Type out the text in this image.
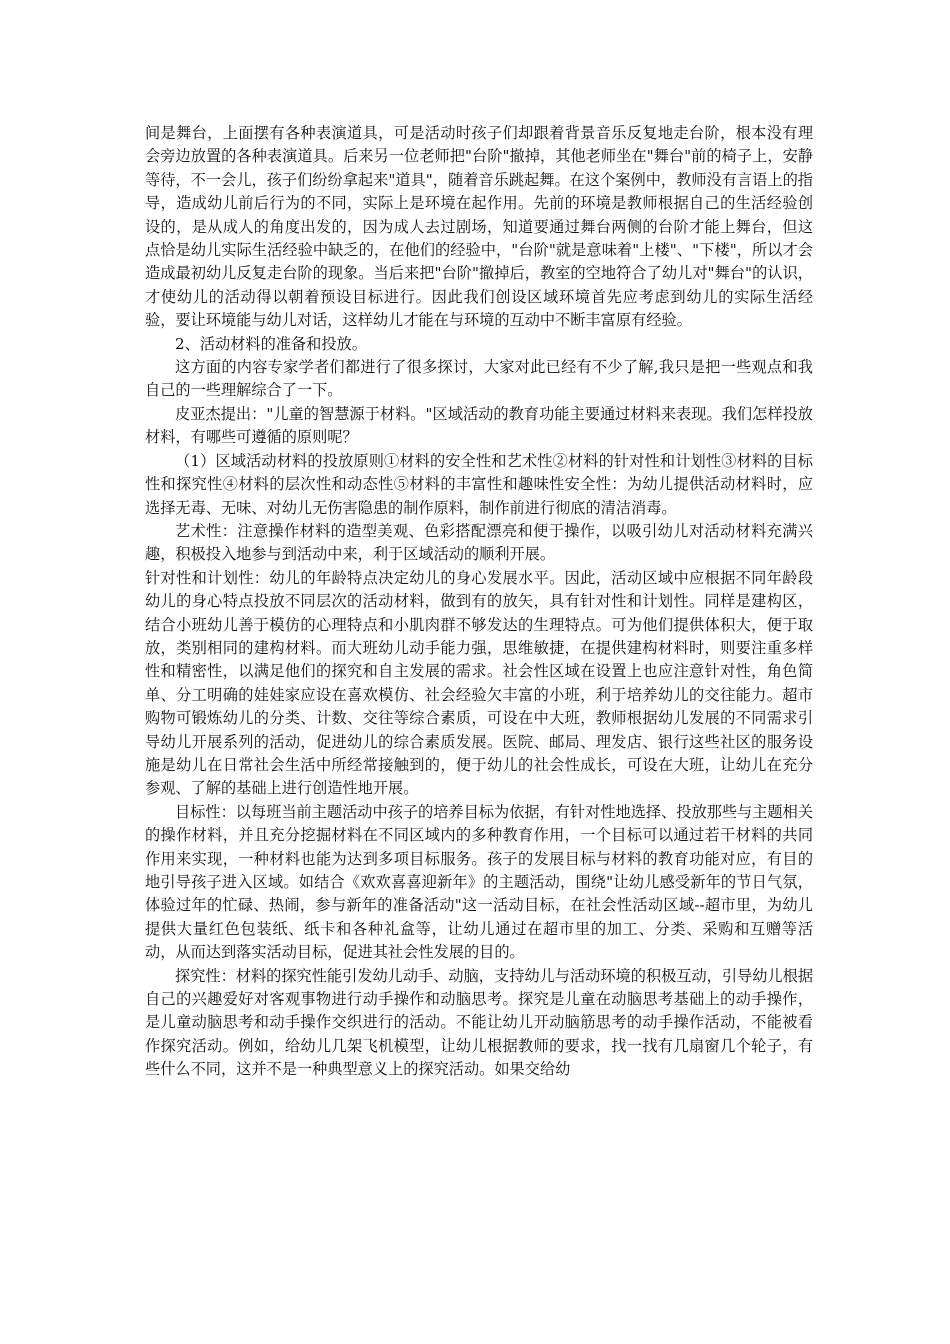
间是舞台，上面摆有各种表演道具，可是活动时孩子们却跟着背景音乐反复地走台阶，根本没有理会旁边放置的各种表演道具。后来另一位老师把"台阶"撤掉，其他老师坐在"舞台"前的椅子上，安静等待，不一会儿，孩子们纷纷拿起来"道具"，随着音乐跳起舞。在这个案例中，教师没有言语上的指导，造成幼儿前后行为的不同，实际上是环境在起作用。先前的环境是教师根据自己的生活经验创设的，是从成人的角度出发的，因为成人去过剧场，知道要通过舞台两侧的台阶才能上舞台，但这点恰是幼儿实际生活经验中缺乏的，在他们的经验中，"台阶"就是意味着"上楼"、"下楼"，所以才会造成最初幼儿反复走台阶的现象。当后来把"台阶"撤掉后，教室的空地符合了幼儿对"舞台"的认识，才使幼儿的活动得以朝着预设目标进行。因此我们创设区域环境首先应考虑到幼儿的实际生活经验，要让环境能与幼儿对话，这样幼儿才能在与环境的互动中不断丰富原有经验。

2、活动材料的准备和投放。

这方面的内容专家学者们都进行了很多探讨，大家对此已经有不少了解,我只是把一些观点和我自己的一些理解综合了一下。

皮亚杰提出："儿童的智慧源于材料。"区域活动的教育功能主要通过材料来表现。我们怎样投放材料，有哪些可遵循的原则呢？

（1）区域活动材料的投放原则①材料的安全性和艺术性②材料的针对性和计划性③材料的目标性和探究性④材料的层次性和动态性⑤材料的丰富性和趣味性安全性：为幼儿提供活动材料时，应选择无毒、无味、对幼儿无伤害隐患的制作原料，制作前进行彻底的清洁消毒。

艺术性：注意操作材料的造型美观、色彩搭配漂亮和便于操作，以吸引幼儿对活动材料充满兴趣，积极投入地参与到活动中来，利于区域活动的顺利开展。

针对性和计划性：幼儿的年龄特点决定幼儿的身心发展水平。因此，活动区域中应根据不同年龄段幼儿的身心特点投放不同层次的活动材料，做到有的放矢，具有针对性和计划性。同样是建构区，结合小班幼儿善于模仿的心理特点和小肌肉群不够发达的生理特点。可为他们提供体积大，便于取放，类别相同的建构材料。而大班幼儿动手能力强，思维敏捷，在提供建构材料时，则要注重多样性和精密性，以满足他们的探究和自主发展的需求。社会性区域在设置上也应注意针对性，角色简单、分工明确的娃娃家应设在喜欢模仿、社会经验欠丰富的小班，利于培养幼儿的交往能力。超市购物可锻炼幼儿的分类、计数、交往等综合素质，可设在中大班，教师根据幼儿发展的不同需求引导幼儿开展系列的活动，促进幼儿的综合素质发展。医院、邮局、理发店、银行这些社区的服务设施是幼儿在日常社会生活中所经常接触到的，便于幼儿的社会性成长，可设在大班，让幼儿在充分参观、了解的基础上进行创造性地开展。

目标性：以每班当前主题活动中孩子的培养目标为依据，有针对性地选择、投放那些与主题相关的操作材料，并且充分挖掘材料在不同区域内的多种教育作用，一个目标可以通过若干材料的共同作用来实现，一种材料也能为达到多项目标服务。孩子的发展目标与材料的教育功能对应，有目的地引导孩子进入区域。如结合《欢欢喜喜迎新年》的主题活动，围绕"让幼儿感受新年的节日气氛，体验过年的忙碌、热闹，参与新年的准备活动"这一活动目标，在社会性活动区域--超市里，为幼儿提供大量红色包装纸、纸卡和各种礼盒等，让幼儿通过在超市里的加工、分类、采购和互赠等活动，从而达到落实活动目标，促进其社会性发展的目的。

探究性：材料的探究性能引发幼儿动手、动脑，支持幼儿与活动环境的积极互动，引导幼儿根据自己的兴趣爱好对客观事物进行动手操作和动脑思考。探究是儿童在动脑思考基础上的动手操作，是儿童动脑思考和动手操作交织进行的活动。不能让幼儿开动脑筋思考的动手操作活动，不能被看作探究活动。例如，给幼儿几架飞机模型，让幼儿根据教师的要求，找一找有几扇窗几个轮子，有些什么不同，这并不是一种典型意义上的探究活动。如果交给幼
